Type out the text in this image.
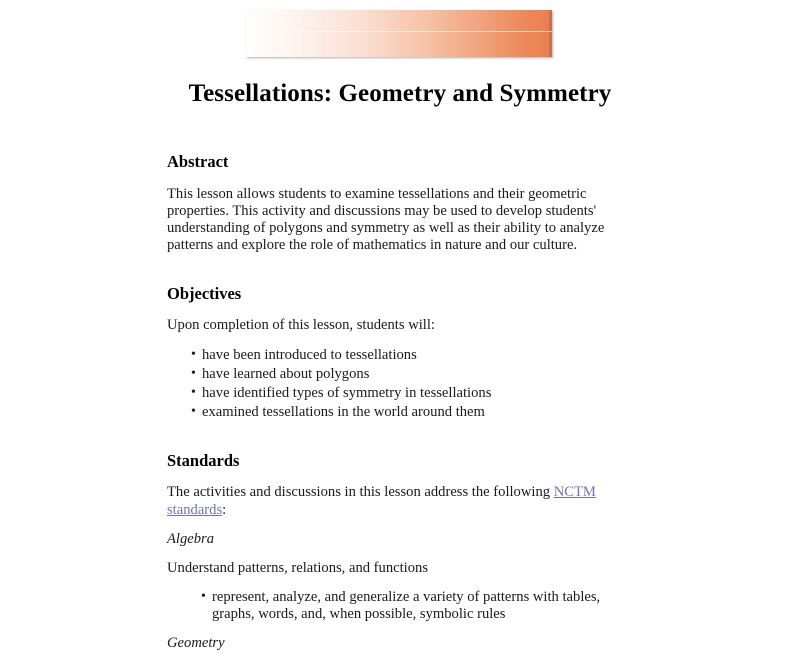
Tessellations: Geometry and Symmetry
Abstract

This lesson allows students to examine tessellations and their geometric properties. This activity and discussions may be used to develop students' understanding of polygons and symmetry as well as their ability to analyze patterns and explore the role of mathematics in nature and our culture.

Objectives

Upon completion of this lesson, students will:

• have been introduced to tessellations
• have learned about polygons
• have identified types of symmetry in tessellations
• examined tessellations in the world around them
Standards

The activities and discussions in this lesson address the following NCTM standards:

Algebra

Understand patterns, relations, and functions

• represent, analyze, and generalize a variety of patterns with tables, graphs, words, and, when possible, symbolic rules
Geometry
